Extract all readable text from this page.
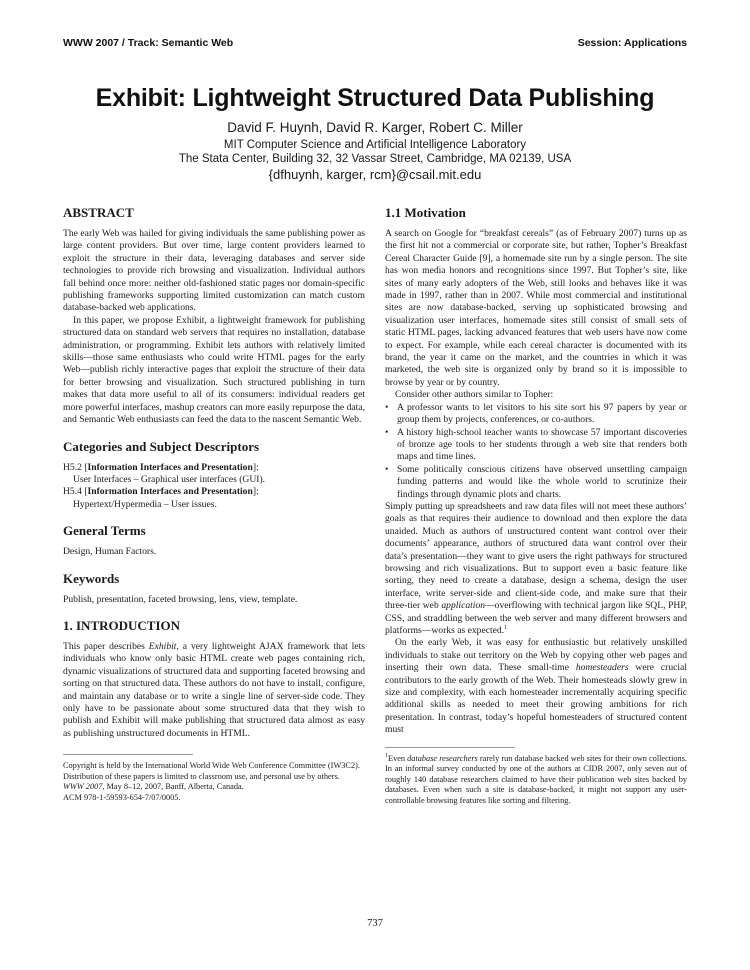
WWW 2007 / Track: Semantic Web	Session: Applications
Exhibit: Lightweight Structured Data Publishing
David F. Huynh, David R. Karger, Robert C. Miller
MIT Computer Science and Artificial Intelligence Laboratory
The Stata Center, Building 32, 32 Vassar Street, Cambridge, MA 02139, USA
{dfhuynh, karger, rcm}@csail.mit.edu
ABSTRACT

The early Web was hailed for giving individuals the same publishing power as large content providers. But over time, large content providers learned to exploit the structure in their data, leveraging databases and server side technologies to provide rich browsing and visualization. Individual authors fall behind once more: neither old-fashioned static pages nor domain-specific publishing frameworks supporting limited customization can match custom database-backed web applications.

In this paper, we propose Exhibit, a lightweight framework for publishing structured data on standard web servers that requires no installation, database administration, or programming. Exhibit lets authors with relatively limited skills—those same enthusiasts who could write HTML pages for the early Web—publish richly interactive pages that exploit the structure of their data for better browsing and visualization. Such structured publishing in turn makes that data more useful to all of its consumers: individual readers get more powerful interfaces, mashup creators can more easily repurpose the data, and Semantic Web enthusiasts can feed the data to the nascent Semantic Web.

Categories and Subject Descriptors
H5.2 [Information Interfaces and Presentation]:
User Interfaces – Graphical user interfaces (GUI).
H5.4 [Information Interfaces and Presentation]:
Hypertext/Hypermedia – User issues.
General Terms

Design, Human Factors.

Keywords

Publish, presentation, faceted browsing, lens, view, template.

1. INTRODUCTION

This paper describes Exhibit, a very lightweight AJAX framework that lets individuals who know only basic HTML create web pages containing rich, dynamic visualizations of structured data and supporting faceted browsing and sorting on that structured data. These authors do not have to install, configure, and maintain any database or to write a single line of server-side code. They only have to be passionate about some structured data that they wish to publish and Exhibit will make publishing that structured data almost as easy as publishing unstructured documents in HTML.

Copyright is held by the International World Wide Web Conference Committee (IW3C2). Distribution of these papers is limited to classroom use, and personal use by others.
WWW 2007, May 8–12, 2007, Banff, Alberta, Canada.
ACM 978-1-59593-654-7/07/0005.
1.1 Motivation

A search on Google for “breakfast cereals” (as of February 2007) turns up as the first hit not a commercial or corporate site, but rather, Topher’s Breakfast Cereal Character Guide [9], a homemade site run by a single person. The site has won media honors and recognitions since 1997. But Topher’s site, like sites of many early adopters of the Web, still looks and behaves like it was made in 1997, rather than in 2007. While most commercial and institutional sites are now database-backed, serving up sophisticated browsing and visualization user interfaces, homemade sites still consist of small sets of static HTML pages, lacking advanced features that web users have now come to expect. For example, while each cereal character is documented with its brand, the year it came on the market, and the countries in which it was marketed, the web site is organized only by brand so it is impossible to browse by year or by country.

Consider other authors similar to Topher:

• A professor wants to let visitors to his site sort his 97 papers by year or group them by projects, conferences, or co-authors.
• A history high-school teacher wants to showcase 57 important discoveries of bronze age tools to her students through a web site that renders both maps and time lines.
• Some politically conscious citizens have observed unsettling campaign funding patterns and would like the whole world to scrutinize their findings through dynamic plots and charts.

Simply putting up spreadsheets and raw data files will not meet these authors’ goals as that requires their audience to download and then explore the data unaided. Much as authors of unstructured content want control over their documents’ appearance, authors of structured data want control over their data’s presentation—they want to give users the right pathways for structured browsing and rich visualizations. But to support even a basic feature like sorting, they need to create a database, design a schema, design the user interface, write server-side and client-side code, and make sure that their three-tier web application—overflowing with technical jargon like SQL, PHP, CSS, and straddling between the web server and many different browsers and platforms—works as expected.$^1$

On the early Web, it was easy for enthusiastic but relatively unskilled individuals to stake out territory on the Web by copying other web pages and inserting their own data. These small-time homesteaders were crucial contributors to the early growth of the Web. Their homesteads slowly grew in size and complexity, with each homesteader incrementally acquiring specific additional skills as needed to meet their growing ambitions for rich presentation. In contrast, today’s hopeful homesteaders of structured content must

$^1$Even database researchers rarely run database backed web sites for their own collections. In an informal survey conducted by one of the authors at CIDR 2007, only seven out of roughly 140 database researchers claimed to have their publication web sites backed by databases. Even when such a site is database-backed, it might not support any user-controllable browsing features like sorting and filtering.
737
